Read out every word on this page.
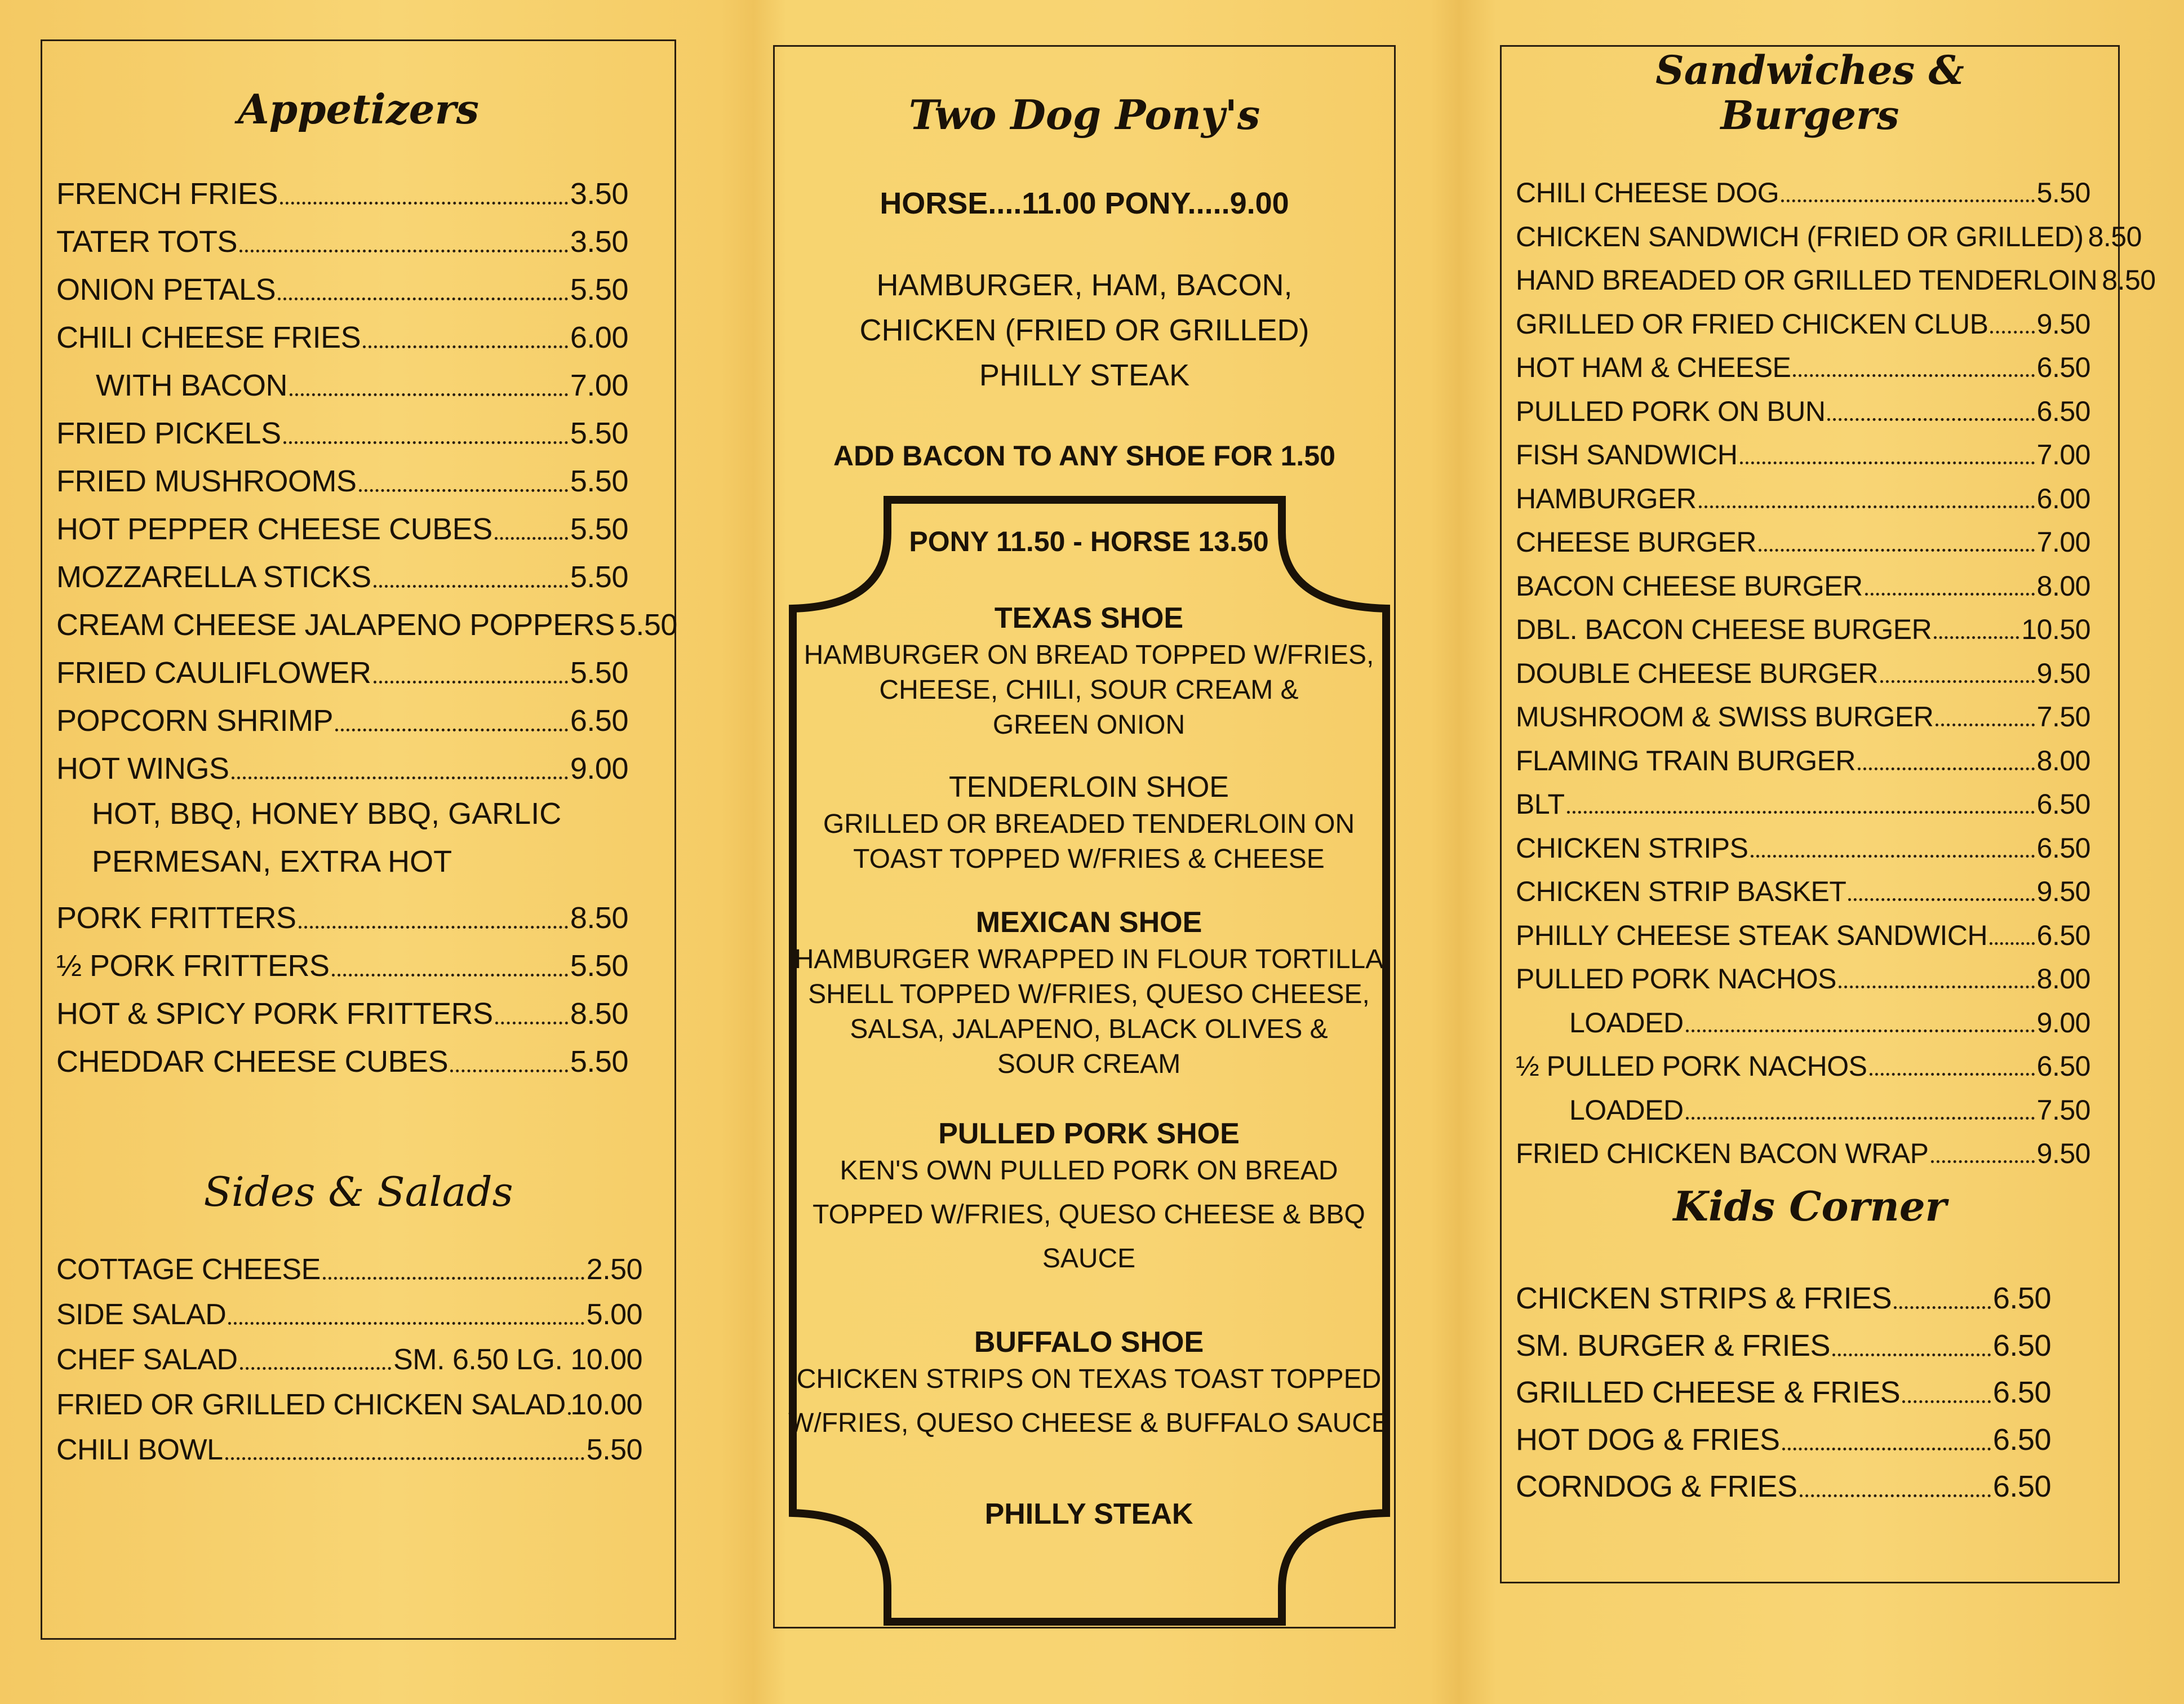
Appetizers
FRENCH FRIES	3.50
TATER TOTS	3.50
ONION PETALS	5.50
CHILI CHEESE FRIES	6.00
WITH BACON	7.00
FRIED PICKELS	5.50
FRIED MUSHROOMS	5.50
HOT PEPPER CHEESE CUBES	5.50
MOZZARELLA STICKS	5.50
CREAM CHEESE JALAPENO POPPERS 5.50
FRIED CAULIFLOWER	5.50
POPCORN SHRIMP	6.50
HOT WINGS	9.00
HOT, BBQ, HONEY BBQ, GARLIC
PERMESAN, EXTRA HOT
PORK FRITTERS	8.50
½ PORK FRITTERS	5.50
HOT & SPICY PORK FRITTERS	8.50
CHEDDAR CHEESE CUBES	5.50
Sides & Salads
COTTAGE CHEESE	2.50
SIDE SALAD	5.00
CHEF SALAD	SM. 6.50 LG. 10.00
FRIED OR GRILLED CHICKEN SALAD 10.00
CHILI BOWL	5.50
Two Dog Pony's
HORSE....11.00 PONY.....9.00
HAMBURGER, HAM, BACON,
CHICKEN (FRIED OR GRILLED)
PHILLY STEAK
ADD BACON TO ANY SHOE FOR 1.50
PONY 11.50 - HORSE 13.50
TEXAS SHOE
HAMBURGER ON BREAD TOPPED W/FRIES,
CHEESE, CHILI, SOUR CREAM &
GREEN ONION
TENDERLOIN SHOE
GRILLED OR BREADED TENDERLOIN ON
TOAST TOPPED W/FRIES & CHEESE
MEXICAN SHOE
HAMBURGER WRAPPED IN FLOUR TORTILLA
SHELL TOPPED W/FRIES, QUESO CHEESE,
SALSA, JALAPENO, BLACK OLIVES &
SOUR CREAM
PULLED PORK SHOE
KEN'S OWN PULLED PORK ON BREAD
TOPPED W/FRIES, QUESO CHEESE & BBQ
SAUCE
BUFFALO SHOE
CHICKEN STRIPS ON TEXAS TOAST TOPPED
W/FRIES, QUESO CHEESE & BUFFALO SAUCE
PHILLY STEAK
Sandwiches &
Burgers
CHILI CHEESE DOG	5.50
CHICKEN SANDWICH (FRIED OR GRILLED) 8.50
HAND BREADED OR GRILLED TENDERLOIN 8.50
GRILLED OR FRIED CHICKEN CLUB 9.50
HOT HAM & CHEESE	6.50
PULLED PORK ON BUN	6.50
FISH SANDWICH	7.00
HAMBURGER	6.00
CHEESE BURGER	7.00
BACON CHEESE BURGER	8.00
DBL. BACON CHEESE BURGER	10.50
DOUBLE CHEESE BURGER	9.50
MUSHROOM & SWISS BURGER	7.50
FLAMING TRAIN BURGER	8.00
BLT	6.50
CHICKEN STRIPS	6.50
CHICKEN STRIP BASKET	9.50
PHILLY CHEESE STEAK SANDWICH 6.50
PULLED PORK NACHOS	8.00
LOADED	9.00
½ PULLED PORK NACHOS	6.50
LOADED	7.50
FRIED CHICKEN BACON WRAP	9.50
Kids Corner
CHICKEN STRIPS & FRIES	6.50
SM. BURGER & FRIES	6.50
GRILLED CHEESE & FRIES	6.50
HOT DOG & FRIES	6.50
CORNDOG & FRIES	6.50
